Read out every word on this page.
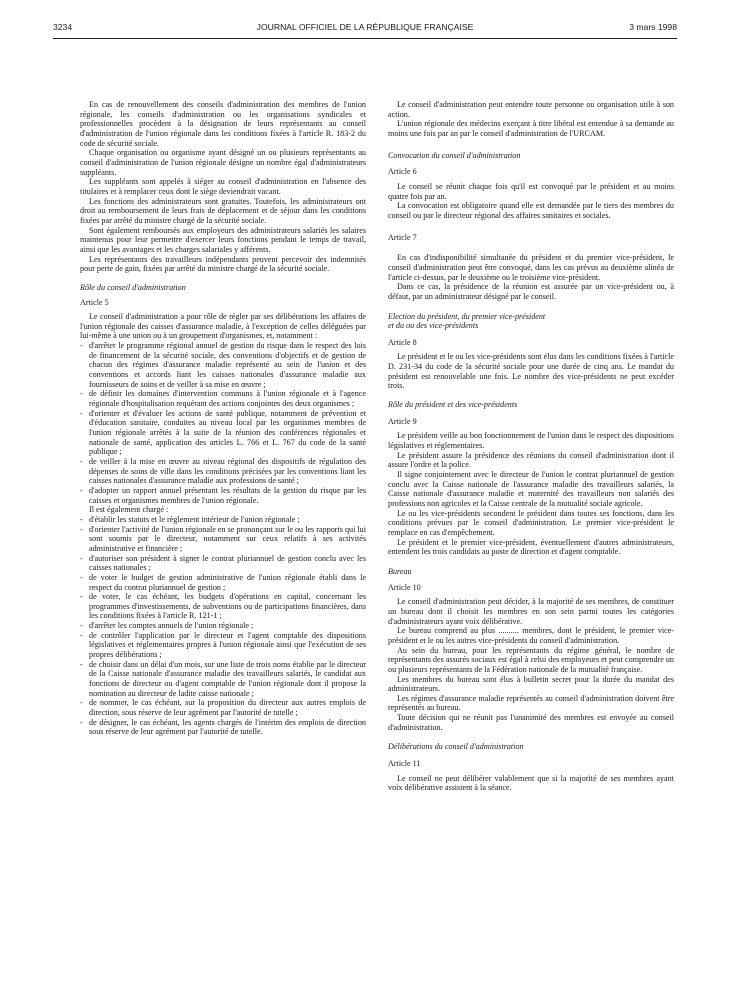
3234	JOURNAL OFFICIEL DE LA RÉPUBLIQUE FRANÇAISE	3 mars 1998

En cas de renouvellement des conseils d'administration des membres de l'union régionale, les conseils d'administration ou les organisations syndicales et professionnelles procèdent à la désignation de leurs représentants au conseil d'administration de l'union régionale dans les conditions fixées à l'article R. 183-2 du code de sécurité sociale.

Chaque organisation ou organisme ayant désigné un ou plusieurs représentants au conseil d'administration de l'union régionale désigne un nombre égal d'administrateurs suppléants.

Les suppléants sont appelés à siéger au conseil d'administration en l'absence des titulaires et à remplacer ceux dont le siège deviendrait vacant.

Les fonctions des administrateurs sont gratuites. Toutefois, les administrateurs ont droit au remboursement de leurs frais de déplacement et de séjour dans les conditions fixées par arrêté du ministre chargé de la sécurité sociale.

Sont également remboursés aux employeurs des administrateurs salariés les salaires maintenus pour leur permettre d'exercer leurs fonctions pendant le temps de travail, ainsi que les avantages et les charges salariales y afférents.

Les représentants des travailleurs indépendants peuvent percevoir des indemnités pour perte de gain, fixées par arrêté du ministre chargé de la sécurité sociale.

Rôle du conseil d'administration

Article 5

Le conseil d'administration a pour rôle de régler par ses délibérations les affaires de l'union régionale des caisses d'assurance maladie, à l'exception de celles déléguées par lui-même à une union ou à un groupement d'organismes, et, notamment :

- d'arrêter le programme régional annuel de gestion du risque dans le respect des lois de financement de la sécurité sociale, des conventions d'objectifs et de gestion de chacun des régimes d'assurance maladie représenté au sein de l'union et des conventions et accords liant les caisses nationales d'assurance maladie aux fournisseurs de soins et de veiller à sa mise en œuvre ;

- de définir les domaines d'intervention communs à l'union régionale et à l'agence régionale d'hospitalisation requérant des actions conjointes des deux organismes ;

- d'orienter et d'évaluer les actions de santé publique, notamment de prévention et d'éducation sanitaire, conduites au niveau local par les organismes membres de l'union régionale arrêtés à la suite de la réunion des conférences régionales et nationale de santé, application des articles L. 766 et L. 767 du code de la santé publique ;

- de veiller à la mise en œuvre au niveau régional des dispositifs de régulation des dépenses de soins de ville dans les conditions précisées par les conventions liant les caisses nationales d'assurance maladie aux professions de santé ;

- d'adopter un rapport annuel présentant les résultats de la gestion du risque par les caisses et organismes membres de l'union régionale.

Il est également chargé :

- d'établir les statuts et le règlement intérieur de l'union régionale ;

- d'orienter l'activité de l'union régionale en se prononçant sur le ou les rapports qui lui sont soumis par le directeur, notamment sur ceux relatifs à ses activités administrative et financière ;

- d'autoriser son président à signer le contrat pluriannuel de gestion conclu avec les caisses nationales ;

- de voter le budget de gestion administrative de l'union régionale établi dans le respect du contrat pluriannuel de gestion ;

- de voter, le cas échéant, les budgets d'opérations en capital, concernant les programmes d'investissements, de subventions ou de participations financières, dans les conditions fixées à l'article R. 121-1 ;

- d'arrêter les comptes annuels de l'union régionale ;

- de contrôler l'application par le directeur et l'agent comptable des dispositions législatives et réglementaires propres à l'union régionale ainsi que l'exécution de ses propres délibérations ;

- de choisir dans un délai d'un mois, sur une liste de trois noms établie par le directeur de la Caisse nationale d'assurance maladie des travailleurs salariés, le candidat aux fonctions de directeur ou d'agent comptable de l'union régionale dont il propose la nomination au directeur de ladite caisse nationale ;

- de nommer, le cas échéant, sur la proposition du directeur aux autres emplois de direction, sous réserve de leur agrément par l'autorité de tutelle ;

- de désigner, le cas échéant, les agents chargés de l'intérim des emplois de direction sous réserve de leur agrément par l'autorité de tutelle.

Le conseil d'administration peut entendre toute personne ou organisation utile à son action.

L'union régionale des médecins exerçant à titre libéral est entendue à sa demande au moins une fois par an par le conseil d'administration de l'URCAM.

Convocation du conseil d'administration

Article 6

Le conseil se réunit chaque fois qu'il est convoqué par le président et au moins quatre fois par an.

La convocation est obligatoire quand elle est demandée par le tiers des membres du conseil ou par le directeur régional des affaires sanitaires et sociales.

Article 7

En cas d'indisponibilité simultanée du président et du premier vice-président, le conseil d'administration peut être convoqué, dans les cas prévus au deuxième alinéa de l'article ci-dessus, par le deuxième ou le troisième vice-président.

Dans ce cas, la présidence de la réunion est assurée par un vice-président ou, à défaut, par un administrateur désigné par le conseil.

Election du président, du premier vice-président

et du ou des vice-présidents

Article 8

Le président et le ou les vice-présidents sont élus dans les conditions fixées à l'article D. 231-34 du code de la sécurité sociale pour une durée de cinq ans. Le mandat du président est renouvelable une fois. Le nombre des vice-présidents ne peut excéder trois.

Rôle du président et des vice-présidents

Article 9

Le président veille au bon fonctionnement de l'union dans le respect des dispositions législatives et réglementaires.

Le président assure la présidence des réunions du conseil d'administration dont il assure l'ordre et la police.

Il signe conjointement avec le directeur de l'union le contrat pluriannuel de gestion conclu avec la Caisse nationale de l'assurance maladie des travailleurs salariés, la Caisse nationale d'assurance maladie et maternité des travailleurs non salariés des professions non agricoles et la Caisse centrale de la mutualité sociale agricole.

Le ou les vice-présidents secondent le président dans toutes ses fonctions, dans les conditions prévues par le conseil d'administration. Le premier vice-président le remplace en cas d'empêchement.

Le président et le premier vice-président, éventuellement d'autres administrateurs, entendent les trois candidats au poste de direction et d'agent comptable.

Bureau

Article 10

Le conseil d'administration peut décider, à la majorité de ses membres, de constituer un bureau dont il choisit les membres en son sein parmi toutes les catégories d'administrateurs ayant voix délibérative.

Le bureau comprend au plus .......... membres, dont le président, le premier vice-président et le ou les autres vice-présidents du conseil d'administration.

Au sein du bureau, pour les représentants du régime général, le nombre de représentants des assurés sociaux est égal à celui des employeurs et peut comprendre un ou plusieurs représentants de la Fédération nationale de la mutualité française.

Les membres du bureau sont élus à bulletin secret pour la durée du mandat des administrateurs.

Les régimes d'assurance maladie représentés au conseil d'administration doivent être représentés au bureau.

Toute décision qui ne réunit pas l'unanimité des membres est envoyée au conseil d'administration.

Délibérations du conseil d'administration

Article 11

Le conseil ne peut délibérer valablement que si la majorité de ses membres ayant voix délibérative assistent à la séance.
